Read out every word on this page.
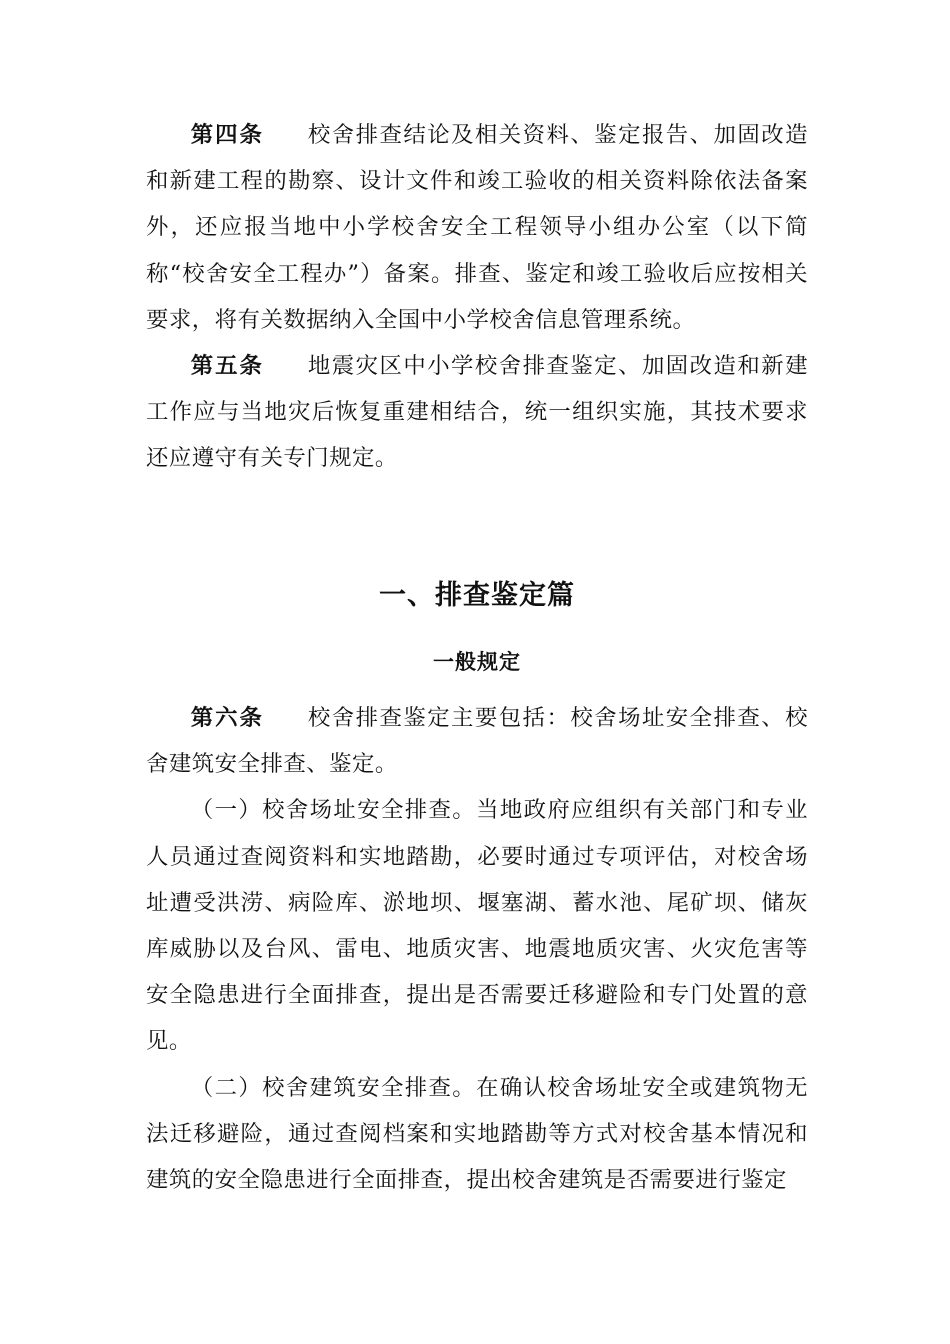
第四条 校舍排查结论及相关资料、鉴定报告、加固改造和新建工程的勘察、设计文件和竣工验收的相关资料除依法备案外，还应报当地中小学校舍安全工程领导小组办公室（以下简称“校舍安全工程办”）备案。排查、鉴定和竣工验收后应按相关要求，将有关数据纳入全国中小学校舍信息管理系统。

第五条 地震灾区中小学校舍排查鉴定、加固改造和新建工作应与当地灾后恢复重建相结合，统一组织实施，其技术要求还应遵守有关专门规定。

一、排查鉴定篇
一般规定

第六条 校舍排查鉴定主要包括：校舍场址安全排查、校舍建筑安全排查、鉴定。

（一）校舍场址安全排查。当地政府应组织有关部门和专业人员通过查阅资料和实地踏勘，必要时通过专项评估，对校舍场址遭受洪涝、病险库、淤地坝、堰塞湖、蓄水池、尾矿坝、储灰库威胁以及台风、雷电、地质灾害、地震地质灾害、火灾危害等安全隐患进行全面排查，提出是否需要迁移避险和专门处置的意见。

（二）校舍建筑安全排查。在确认校舍场址安全或建筑物无法迁移避险，通过查阅档案和实地踏勘等方式对校舍基本情况和建筑的安全隐患进行全面排查，提出校舍建筑是否需要进行鉴定
